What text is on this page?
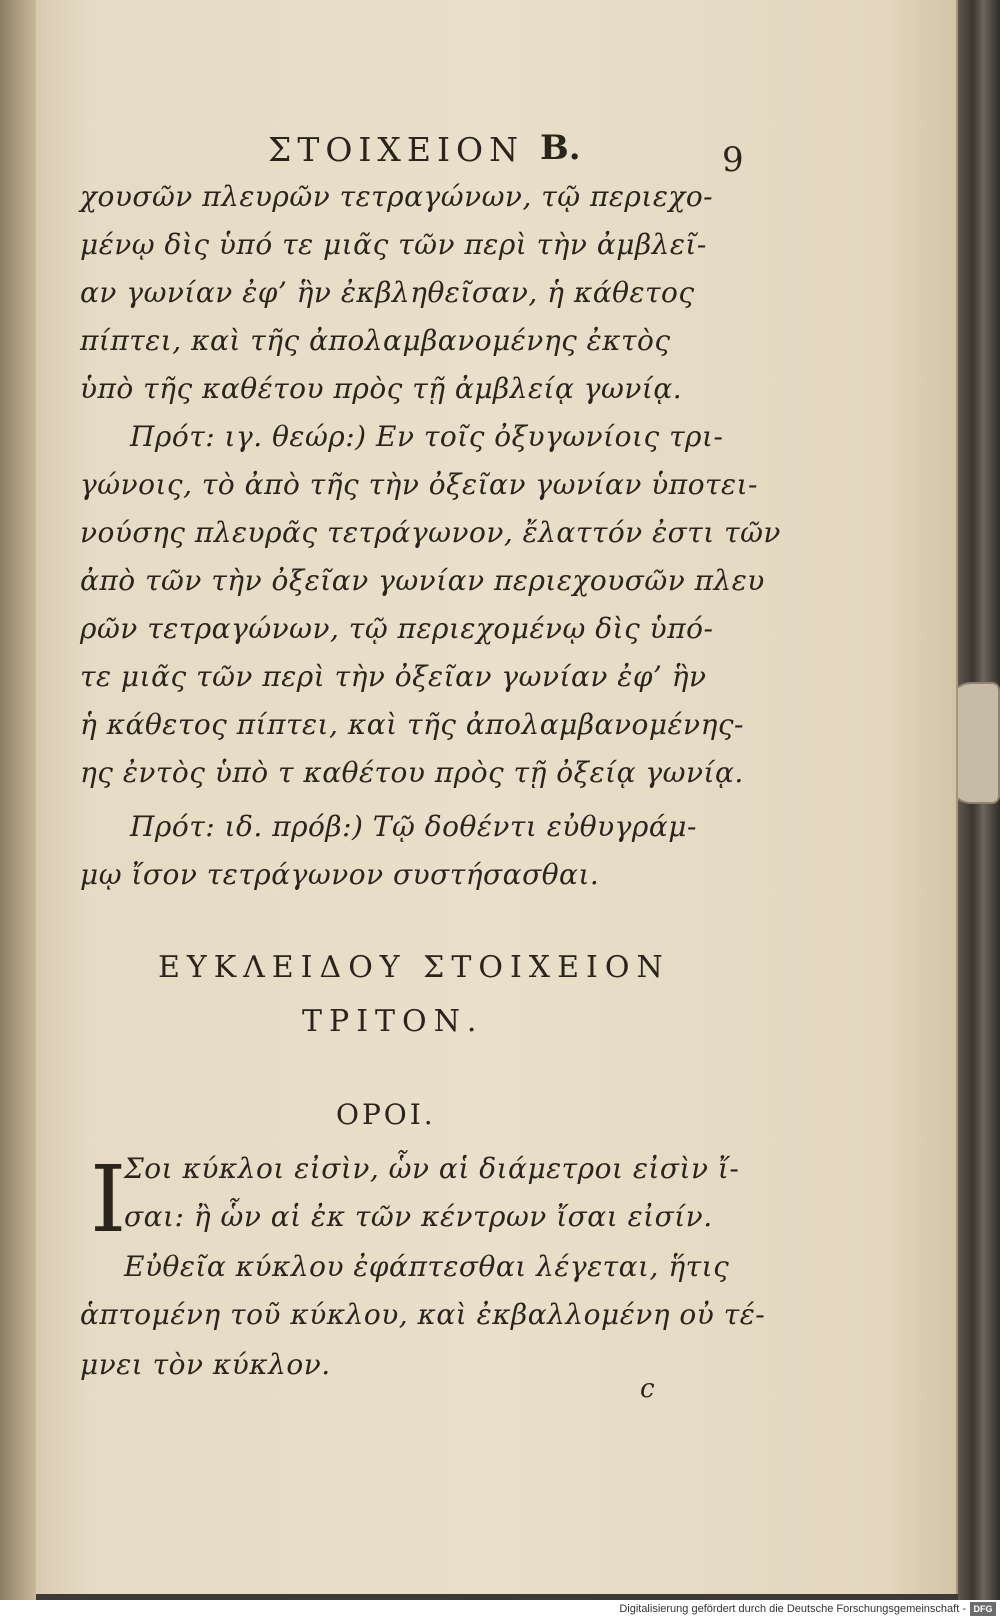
ΣΤΟΙΧΕΙΟΝ Β.	9
χουσῶν πλευρῶν τετραγώνων, τῷ περιεχο-
μένῳ δὶς ὑπό τε μιᾶς τῶν περὶ τὴν ἀμβλεῖ-
αν γωνίαν ἐφ’ ἣν ἐκβληθεῖσαν, ἡ κάθετος
πίπτει, καὶ τῆς ἀπολαμβανομένης ἐκτὸς
ὑπὸ τῆς καθέτου πρὸς τῇ ἀμβλείᾳ γωνίᾳ.
Πρότ: ιγ. θεώρ:) Εν τοῖς ὀξυγωνίοις τρι-
γώνοις, τὸ ἀπὸ τῆς τὴν ὀξεῖαν γωνίαν ὑποτει-
νούσης πλευρᾶς τετράγωνον, ἔλαττόν ἐστι τῶν
ἀπὸ τῶν τὴν ὀξεῖαν γωνίαν περιεχουσῶν πλευ
ρῶν τετραγώνων, τῷ περιεχομένῳ δὶς ὑπό-
τε μιᾶς τῶν περὶ τὴν ὀξεῖαν γωνίαν ἐφ’ ἣν
ἡ κάθετος πίπτει, καὶ τῆς ἀπολαμβανομένης-
ης ἐντὸς ὑπὸ τ καθέτου πρὸς τῇ ὀξείᾳ γωνίᾳ.
Πρότ: ιδ. πρόβ:) Τῷ δοθέντι εὐθυγράμ-
μῳ ἴσον τετράγωνον συστήσασθαι.
ΕΥΚΛΕΙΔΟΥ ΣΤΟΙΧΕΙΟΝ
ΤΡΙΤΟΝ.
ΟΡΟΙ.
I
Σοι κύκλοι εἰσὶν, ὧν αἱ διάμετροι εἰσὶν ἴ-
σαι: ἢ ὧν αἱ ἐκ τῶν κέντρων ἴσαι εἰσίν.
Εὐθεῖα κύκλου ἐφάπτεσθαι λέγεται, ἥτις
ἁπτομένη τοῦ κύκλου, καὶ ἐκβαλλομένη οὐ τέ-
μνει τὸν κύκλον.
c
Digitalisierung gefördert durch die Deutsche Forschungsgemeinschaft - DFG
